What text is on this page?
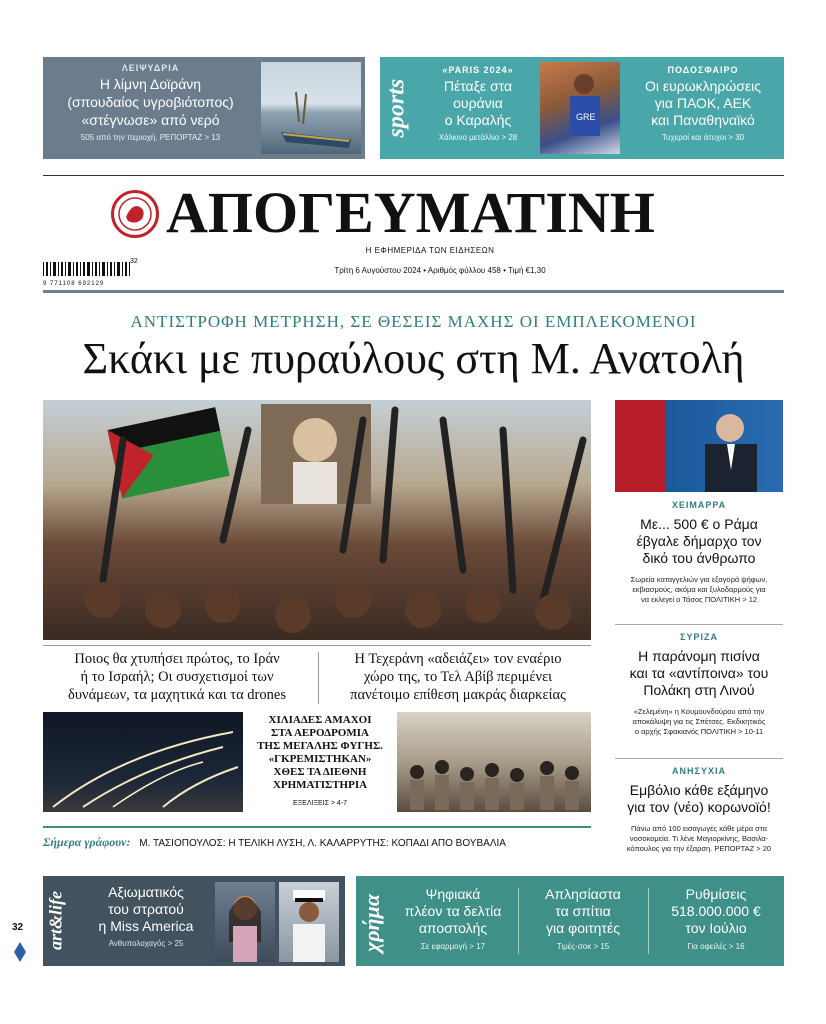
ΛΕΙΨΥΔΡΙΑ
Η λίμνη Δοϊράνη
(σπουδαίος υγροβιότοπος)
«στέγνωσε» από νερό
505 από την περιοχή. ΡΕΠΟΡΤΑΖ > 13	sports
«PARIS 2024»
Πέταξε στα
ουράνια
ο Καραλής
Χάλκινο μετάλλιο > 28
GRE
ΠΟΔΟΣΦΑΙΡΟ
Οι ευρωκληρώσεις
για ΠΑΟΚ, ΑΕΚ
και Παναθηναϊκό
Τυχεροί και άτυχοι > 30
ΑΠΟΓΕΥΜΑΤΙΝΗ
Η ΕΦΗΜΕΡΙΔΑ ΤΩΝ ΕΙΔΗΣΕΩΝ
9 771108 692129
32
Τρίτη 6 Αυγούστου 2024 • Αριθμός φύλλου 458 • Τιμή €1,30
ΑΝΤΙΣΤΡΟΦΗ ΜΕΤΡΗΣΗ, ΣΕ ΘΕΣΕΙΣ ΜΑΧΗΣ ΟΙ ΕΜΠΛΕΚΟΜΕΝΟΙ
Σκάκι με πυραύλους στη Μ. Ανατολή
Ποιος θα χτυπήσει πρώτος, το Ιράν
ή το Ισραήλ; Οι συσχετισμοί των
δυνάμεων, τα μαχητικά και τα drones
Η Τεχεράνη «αδειάζει» τον εναέριο
χώρο της, το Τελ Αβίβ περιμένει
πανέτοιμο επίθεση μακράς διαρκείας
ΧΙΛΙΑΔΕΣ ΑΜΑΧΟΙ
ΣΤΑ ΑΕΡΟΔΡΟΜΙΑ
ΤΗΣ ΜΕΓΑΛΗΣ ΦΥΓΗΣ.
«ΓΚΡΕΜΙΣΤΗΚΑΝ»
ΧΘΕΣ ΤΑ ΔΙΕΘΝΗ
ΧΡΗΜΑΤΙΣΤΗΡΙΑ
ΕΞΕΛΙΞΕΙΣ > 4-7
Σήμερα γράφουν: Μ. ΤΑΣΙΟΠΟΥΛΟΣ: Η ΤΕΛΙΚΗ ΛΥΣΗ, Λ. ΚΑΛΑΡΡΥΤΗΣ: ΚΟΠΑΔΙ ΑΠΟ ΒΟΥΒΑΛΙΑ
ΧΕΙΜΑΡΡΑ
Με... 500 € ο Ράμα
έβγαλε δήμαρχο τον
δικό του άνθρωπο
Σωρεία καταγγελιών για εξαγορά ψήφων,
εκβιασμούς, ακόμα και ξυλοδαρμούς για
να εκλεγεί ο Τάσος ΠΟΛΙΤΙΚΗ > 12
ΣΥΡΙΖΑ
Η παράνομη πισίνα
και τα «αντίποινα» του
Πολάκη στη Λινού
«Ζελεμένη» η Κουμουνδούρου από την
αποκάλυψη για τις Σπέτσες. Εκδικητικός
ο αρχής Σφακιανός ΠΟΛΙΤΙΚΗ > 10-11
ΑΝΗΣΥΧΙΑ
Εμβόλιο κάθε εξάμηνο
για τον (νέο) κορωνοϊό!
Πάνω από 100 εισαγωγές κάθε μέρα στα
νοσοκομεία. Τι λένε Μαγιορκίνης, Βασιλα-
κόπουλος για την έξαρση. ΡΕΠΟΡΤΑΖ > 20
art&life	Αξιωματικός
του στρατού
η Miss America
Ανθυπολοχαγός > 25	χρήμα	Ψηφιακά
πλέον τα δελτία
αποστολής
Σε εφαρμογή > 17
Απλησίαστα
τα σπίτια
για φοιτητές
Τιμές-σοκ > 15
Ρυθμίσεις
518.000.000 €
τον Ιούλιο
Για οφειλές > 16
32
